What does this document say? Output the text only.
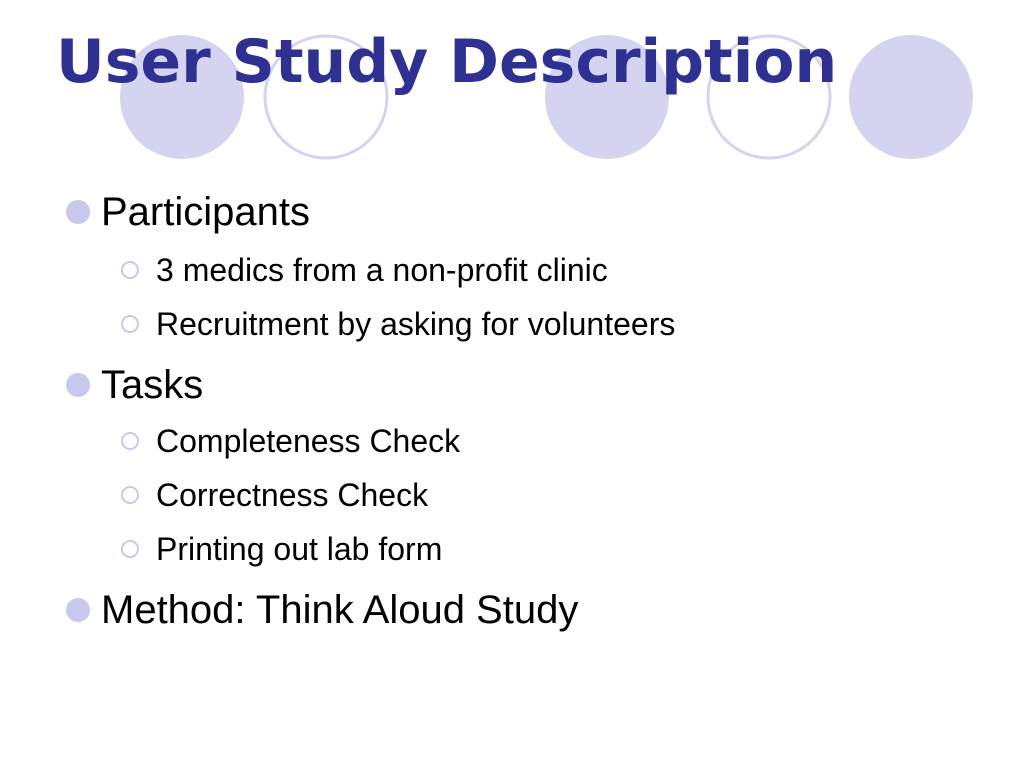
User Study Description
Participants
3 medics from a non-profit clinic
Recruitment by asking for volunteers
Tasks
Completeness Check
Correctness Check
Printing out lab form
Method: Think Aloud Study
